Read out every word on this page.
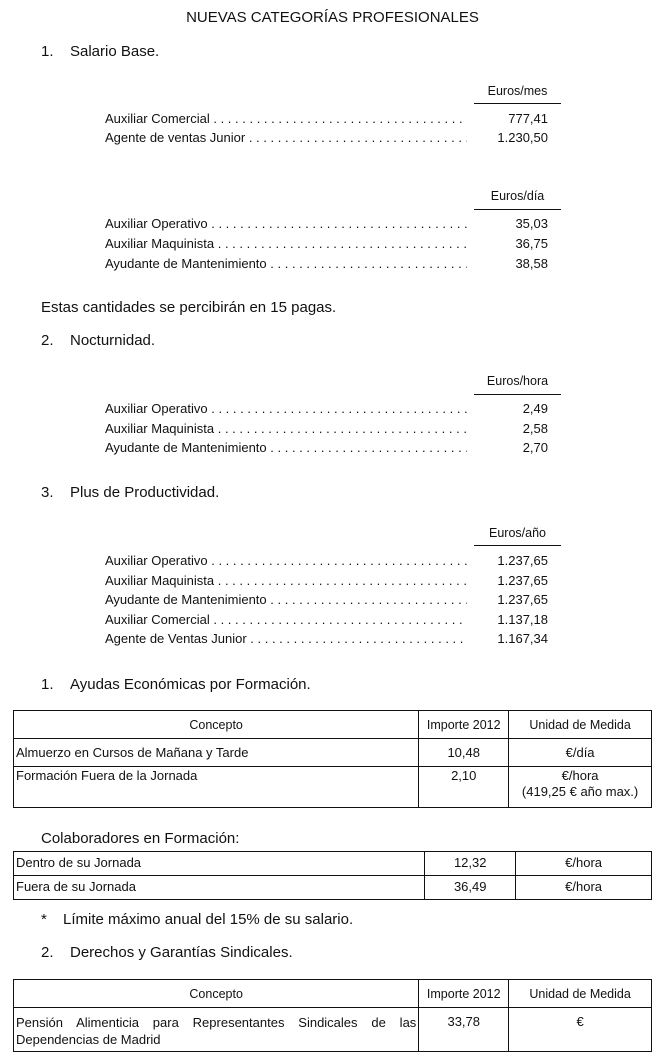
NUEVAS CATEGORÍAS PROFESIONALES
1. Salario Base.
Euros/mes
Auxiliar Comercial . . .	777,41
Agente de ventas Junior . . .	1.230,50
Euros/día
Auxiliar Operativo . . .	35,03
Auxiliar Maquinista . . .	36,75
Ayudante de Mantenimiento . . .	38,58
Estas cantidades se percibirán en 15 pagas.
2. Nocturnidad.
Euros/hora
Auxiliar Operativo . . .	2,49
Auxiliar Maquinista . . .	2,58
Ayudante de Mantenimiento . . .	2,70
3. Plus de Productividad.
Euros/año
Auxiliar Operativo . . .	1.237,65
Auxiliar Maquinista . . .	1.237,65
Ayudante de Mantenimiento . . .	1.237,65
Auxiliar Comercial . . .	1.137,18
Agente de Ventas Junior . . .	1.167,34
1. Ayudas Económicas por Formación.
Concepto	Importe 2012	Unidad de Medida
Almuerzo en Cursos de Mañana y Tarde	10,48	€/día
Formación Fuera de la Jornada	2,10	€/hora
(419,25 € año max.)
Colaboradores en Formación:
Dentro de su Jornada	12,32	€/hora
Fuera de su Jornada	36,49	€/hora
* Límite máximo anual del 15% de su salario.
2. Derechos y Garantías Sindicales.
Concepto	Importe 2012	Unidad de Medida
Pensión Alimenticia para Representantes Sindicales de las Dependencias de Madrid	33,78	€
